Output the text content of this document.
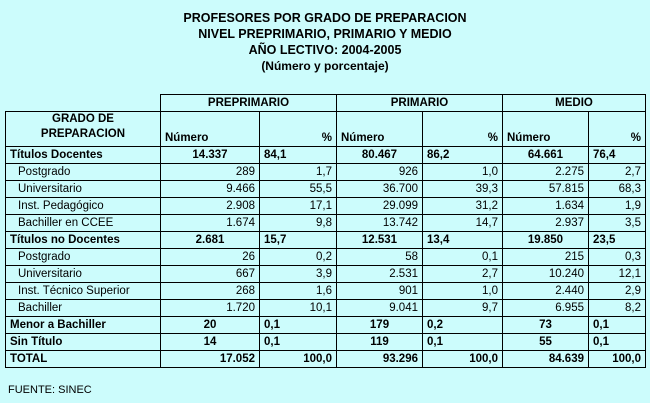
PROFESORES POR GRADO DE PREPARACION
NIVEL PREPRIMARIO, PRIMARIO Y MEDIO
AÑO LECTIVO: 2004-2005
(Número y porcentaje)
	PREPRIMARIO		PRIMARIO		MEDIO	

GRADO DE
PREPARACION	Número	%	Número	%	Número	%
Títulos Docentes	14.337	84,1	80.467	86,2	64.661	76,4
Postgrado	289	1,7	926	1,0	2.275	2,7
Universitario	9.466	55,5	36.700	39,3	57.815	68,3
Inst. Pedagógico	2.908	17,1	29.099	31,2	1.634	1,9
Bachiller en CCEE	1.674	9,8	13.742	14,7	2.937	3,5
Títulos no Docentes	2.681	15,7	12.531	13,4	19.850	23,5
Postgrado	26	0,2	58	0,1	215	0,3
Universitario	667	3,9	2.531	2,7	10.240	12,1
Inst. Técnico Superior	268	1,6	901	1,0	2.440	2,9
Bachiller	1.720	10,1	9.041	9,7	6.955	8,2
Menor a Bachiller	20	0,1	179	0,2	73	0,1
Sin Título	14	0,1	119	0,1	55	0,1
TOTAL	17.052	100,0	93.296	100,0	84.639	100,0
FUENTE: SINEC
